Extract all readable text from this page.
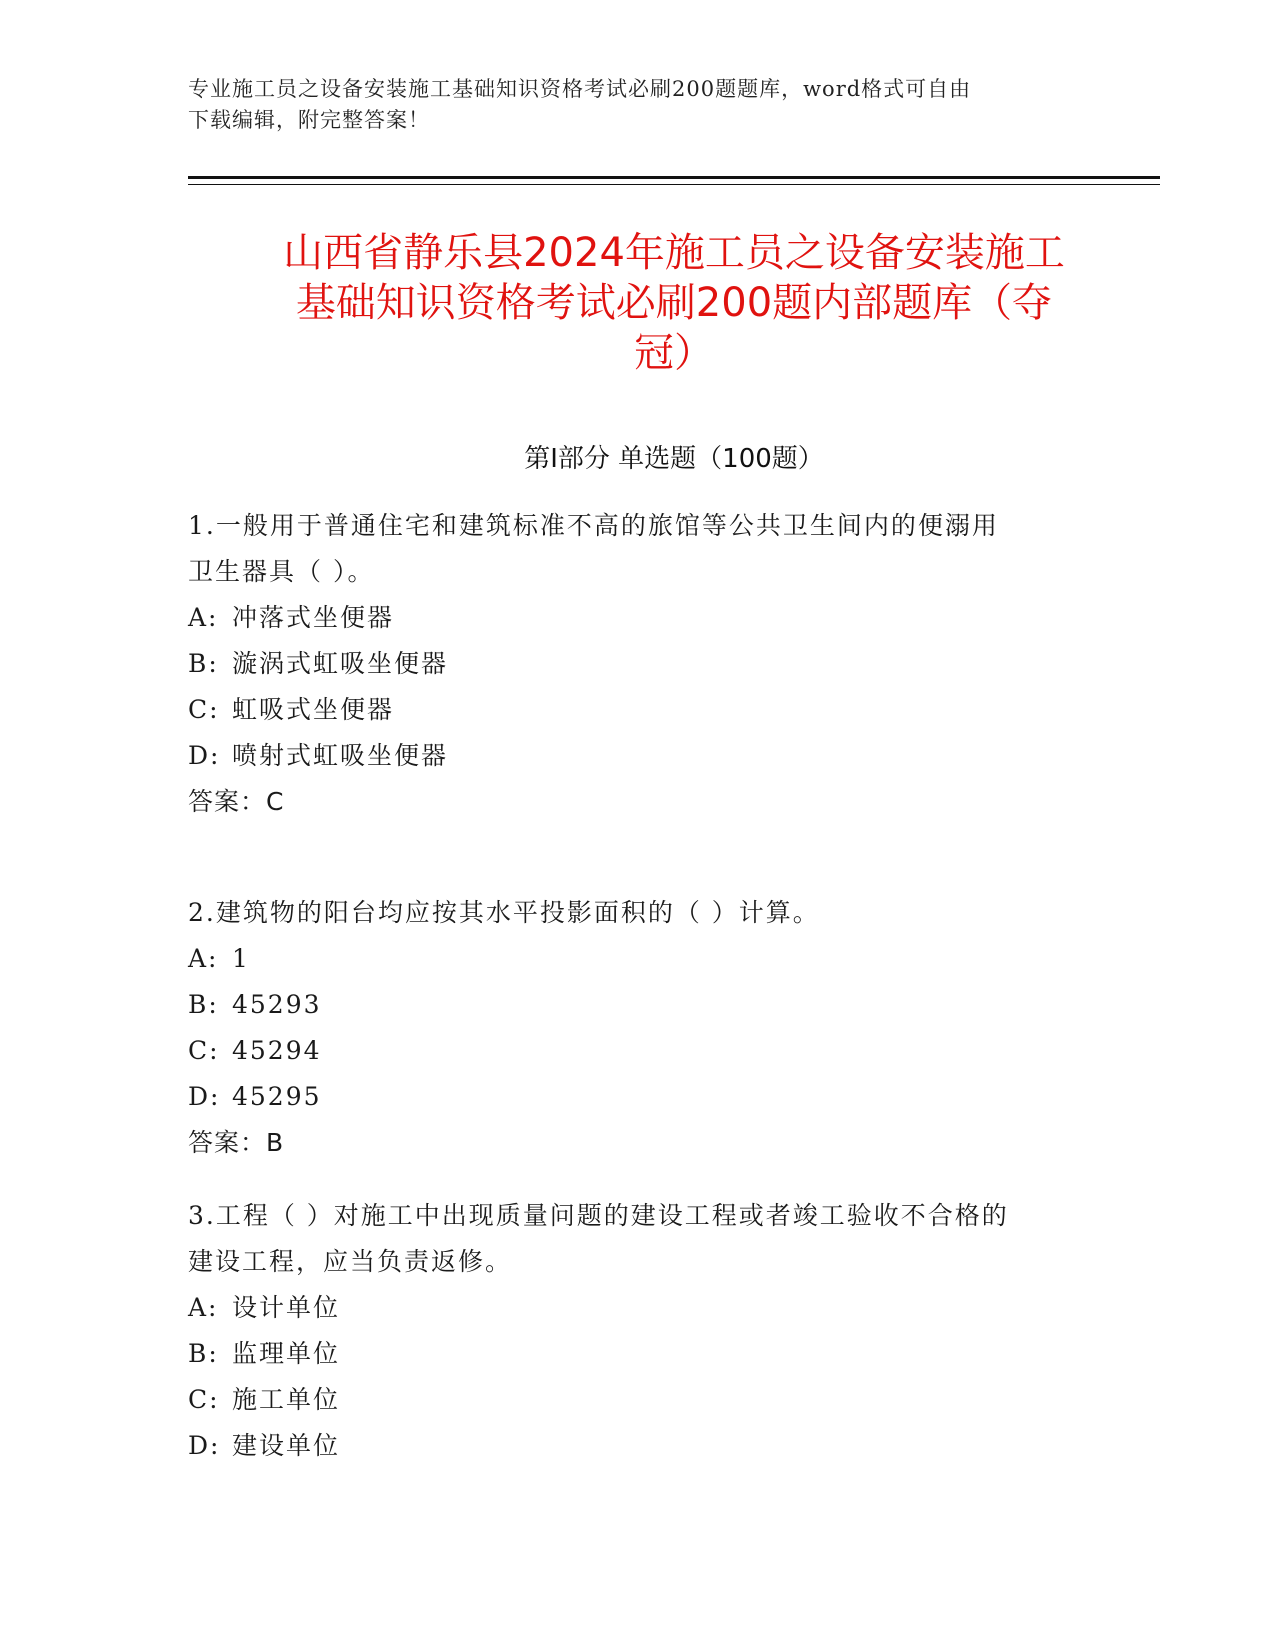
专业施工员之设备安装施工基础知识资格考试必刷200题题库，word格式可自由
下载编辑，附完整答案！
山西省静乐县2024年施工员之设备安装施工
基础知识资格考试必刷200题内部题库（夺
冠）
第I部分 单选题（100题）
1.一般用于普通住宅和建筑标准不高的旅馆等公共卫生间内的便溺用
卫生器具（ ）。
A: 冲落式坐便器
B: 漩涡式虹吸坐便器
C: 虹吸式坐便器
D: 喷射式虹吸坐便器
答案：C
2.建筑物的阳台均应按其水平投影面积的（ ）计算。
A: 1
B: 45293
C: 45294
D: 45295
答案：B
3.工程（ ）对施工中出现质量问题的建设工程或者竣工验收不合格的
建设工程，应当负责返修。
A: 设计单位
B: 监理单位
C: 施工单位
D: 建设单位
